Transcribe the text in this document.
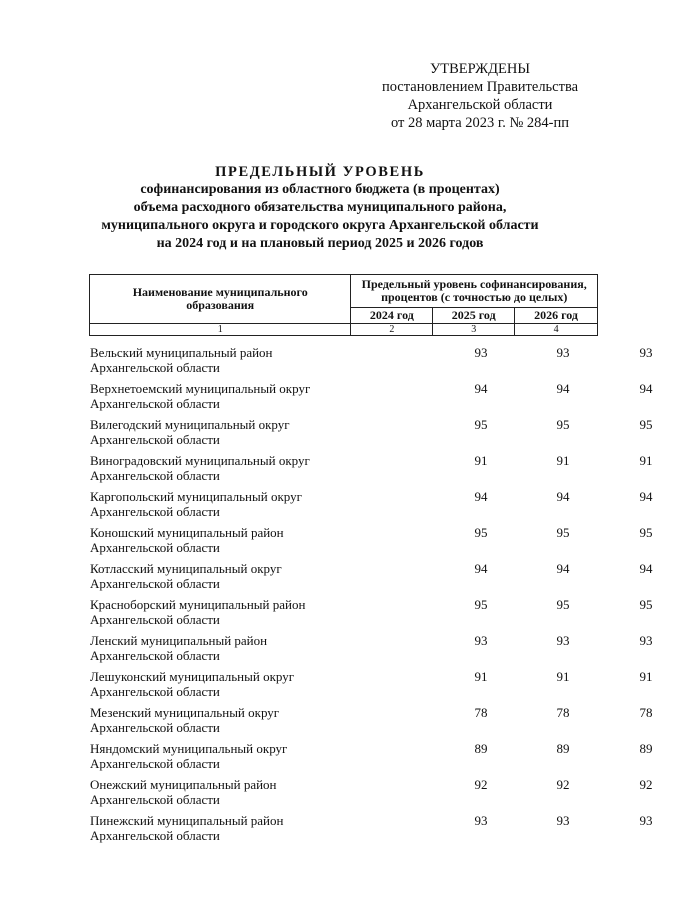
УТВЕРЖДЕНЫ
постановлением Правительства
Архангельской области
от 28 марта 2023 г. № 284-пп
ПРЕДЕЛЬНЫЙ УРОВЕНЬ
софинансирования из областного бюджета (в процентах)
объема расходного обязательства муниципального района,
муниципального округа и городского округа Архангельской области
на 2024 год и на плановый период 2025 и 2026 годов
Наименование муниципального
образования	Предельный уровень софинансирования,
процентов (с точностью до целых)		
	2024 год	2025 год	2026 год
1	2	3	4
Вельский муниципальный район
Архангельской области
93	93	93
Верхнетоемский муниципальный округ
Архангельской области
94	94	94
Вилегодский муниципальный округ
Архангельской области
95	95	95
Виноградовский муниципальный округ
Архангельской области
91	91	91
Каргопольский муниципальный округ
Архангельской области
94	94	94
Коношский муниципальный район
Архангельской области
95	95	95
Котласский муниципальный округ
Архангельской области
94	94	94
Красноборский муниципальный район
Архангельской области
95	95	95
Ленский муниципальный район
Архангельской области
93	93	93
Лешуконский муниципальный округ
Архангельской области
91	91	91
Мезенский муниципальный округ
Архангельской области
78	78	78
Няндомский муниципальный округ
Архангельской области
89	89	89
Онежский муниципальный район
Архангельской области
92	92	92
Пинежский муниципальный район
Архангельской области
93	93	93
